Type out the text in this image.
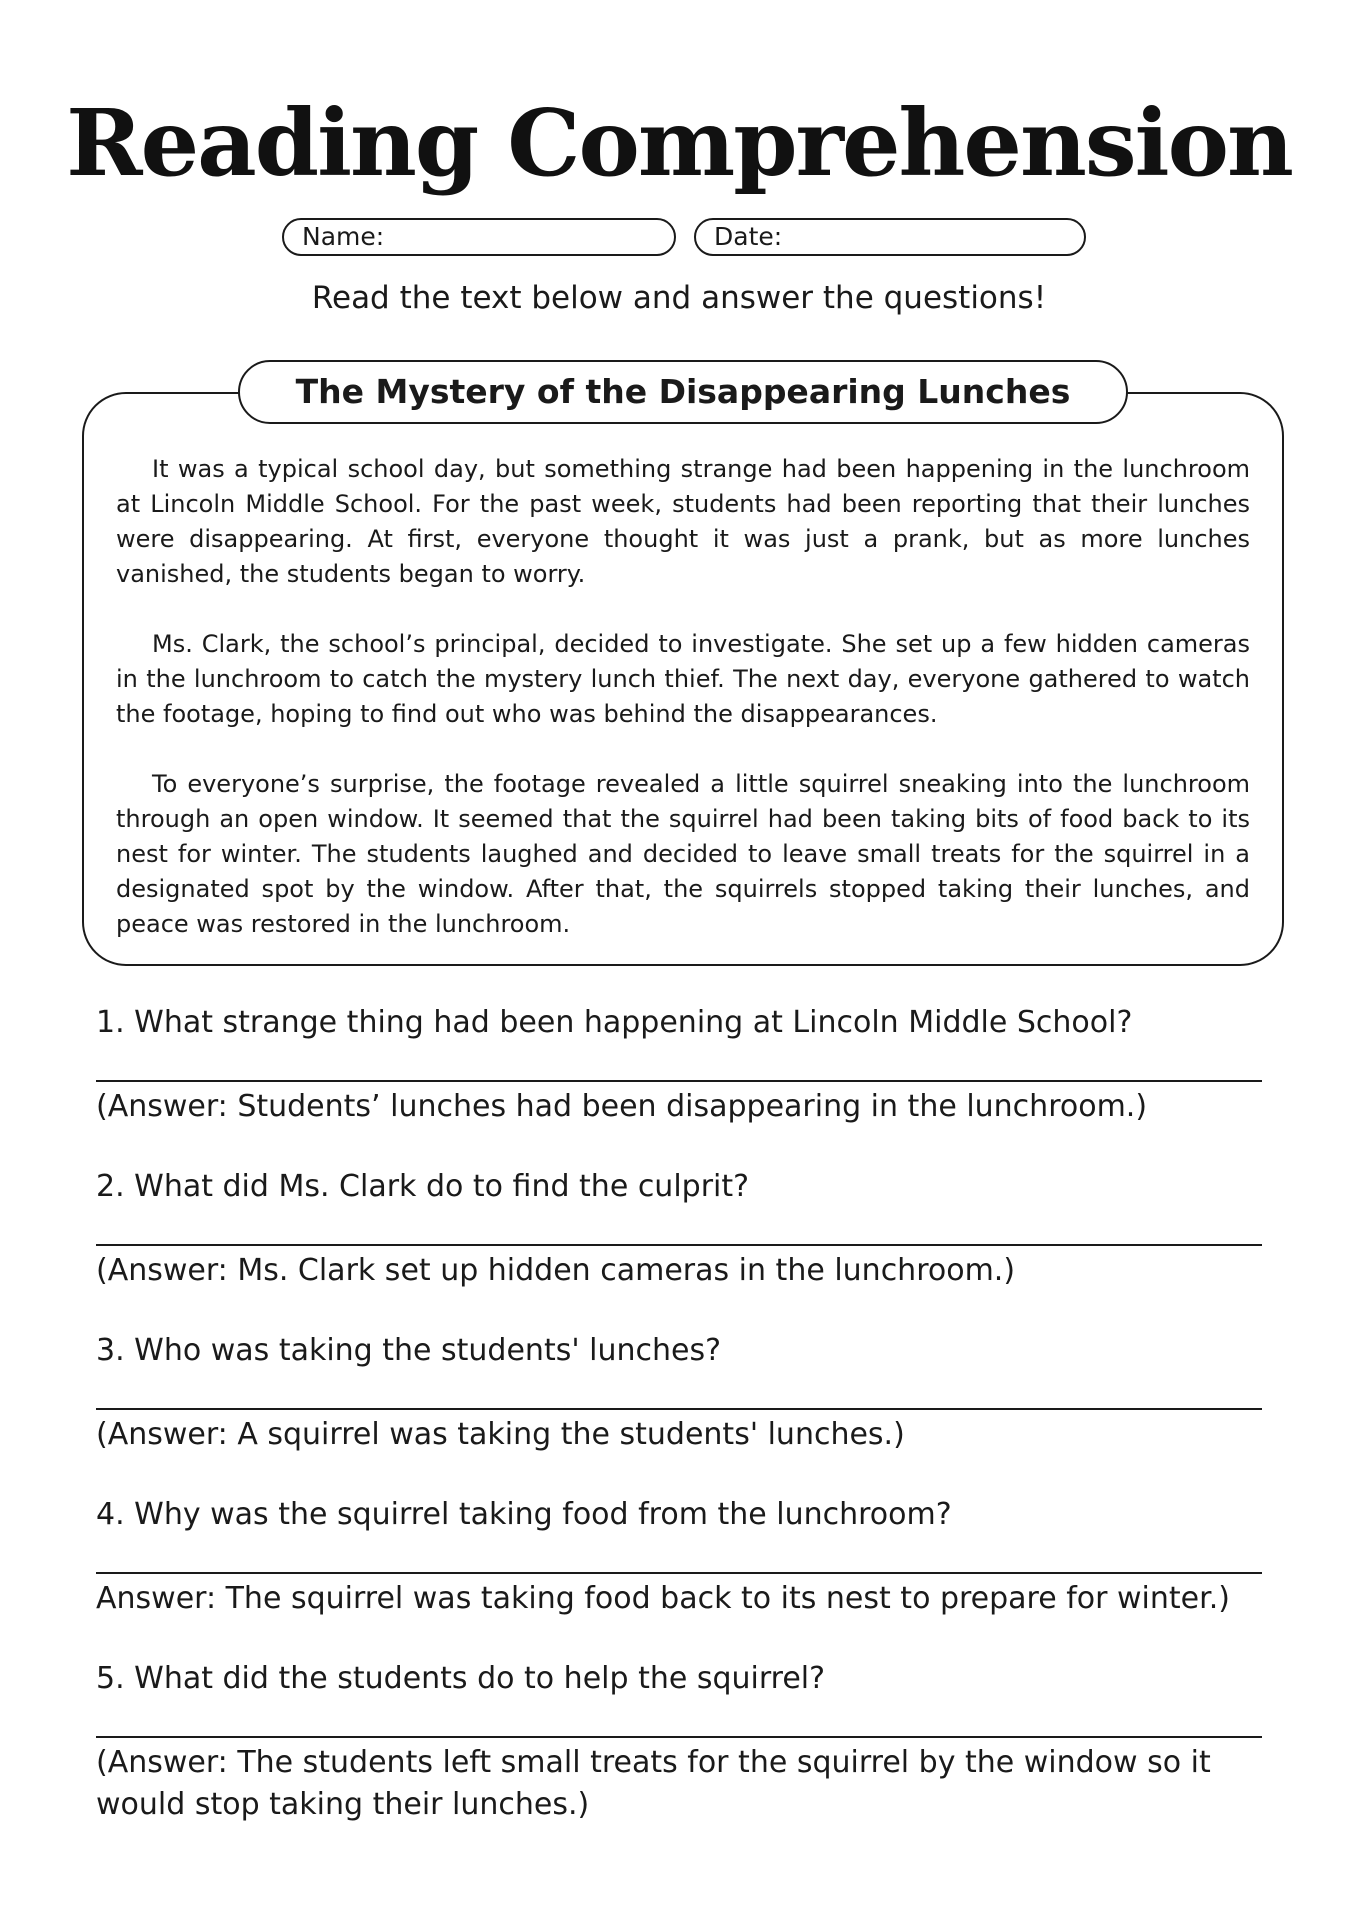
Reading Comprehension
Name:	Date:
Read the text below and answer the questions!
The Mystery of the Disappearing Lunches

It was a typical school day, but something strange had been happening in the lunchroom at Lincoln Middle School. For the past week, students had been reporting that their lunches were disappearing. At first, everyone thought it was just a prank, but as more lunches vanished, the students began to worry.

Ms. Clark, the school’s principal, decided to investigate. She set up a few hidden cameras in the lunchroom to catch the mystery lunch thief. The next day, everyone gathered to watch the footage, hoping to find out who was behind the disappearances.

To everyone’s surprise, the footage revealed a little squirrel sneaking into the lunchroom through an open window. It seemed that the squirrel had been taking bits of food back to its nest for winter. The students laughed and decided to leave small treats for the squirrel in a designated spot by the window. After that, the squirrels stopped taking their lunches, and peace was restored in the lunchroom.

1. What strange thing had been happening at Lincoln Middle School?
(Answer: Students’ lunches had been disappearing in the lunchroom.)
2. What did Ms. Clark do to find the culprit?
(Answer: Ms. Clark set up hidden cameras in the lunchroom.)
3. Who was taking the students' lunches?
(Answer: A squirrel was taking the students' lunches.)
4. Why was the squirrel taking food from the lunchroom?
Answer: The squirrel was taking food back to its nest to prepare for winter.)
5. What did the students do to help the squirrel?
(Answer: The students left small treats for the squirrel by the window so it would stop taking their lunches.)
